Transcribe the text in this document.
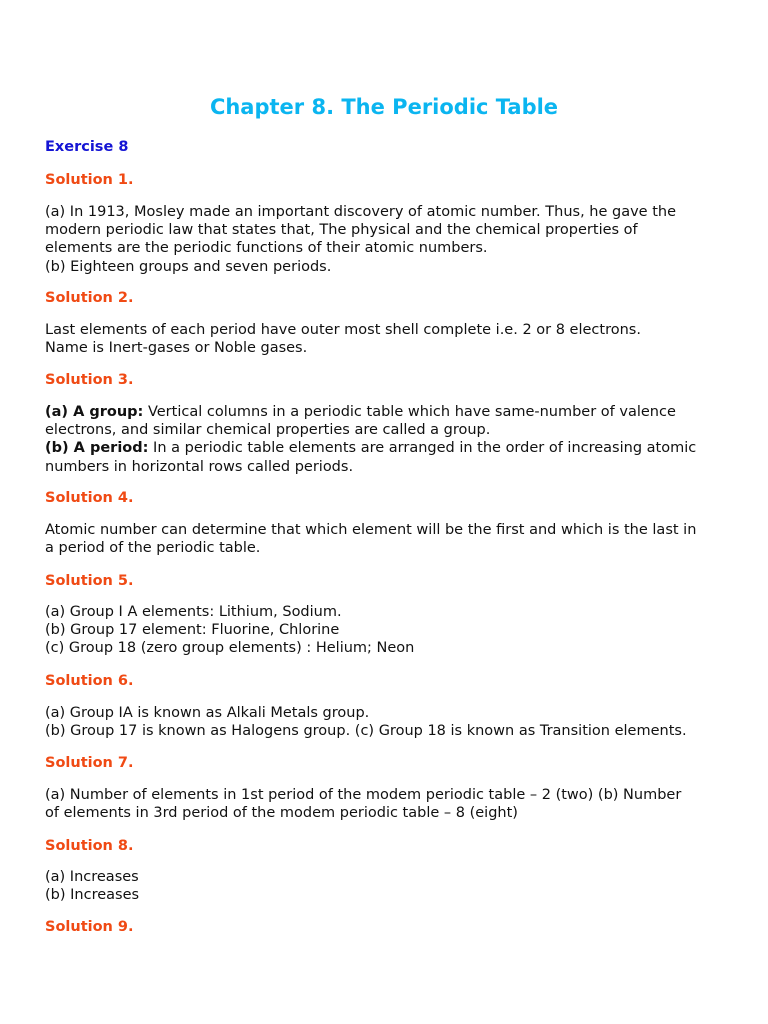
Chapter 8. The Periodic Table
Exercise 8
Solution 1.
(a) In 1913, Mosley made an important discovery of atomic number. Thus, he gave the
modern periodic law that states that, The physical and the chemical properties of
elements are the periodic functions of their atomic numbers.
(b) Eighteen groups and seven periods.
Solution 2.
Last elements of each period have outer most shell complete i.e. 2 or 8 electrons.
Name is Inert-gases or Noble gases.
Solution 3.
(a) A group: Vertical columns in a periodic table which have same-number of valence
electrons, and similar chemical properties are called a group.
(b) A period: In a periodic table elements are arranged in the order of increasing atomic
numbers in horizontal rows called periods.
Solution 4.
Atomic number can determine that which element will be the first and which is the last in
a period of the periodic table.
Solution 5.
(a) Group I A elements: Lithium, Sodium.
(b) Group 17 element: Fluorine, Chlorine
(c) Group 18 (zero group elements) : Helium; Neon
Solution 6.
(a) Group IA is known as Alkali Metals group.
(b) Group 17 is known as Halogens group. (c) Group 18 is known as Transition elements.
Solution 7.
(a) Number of elements in 1st period of the modem periodic table – 2 (two) (b) Number
of elements in 3rd period of the modem periodic table – 8 (eight)
Solution 8.
(a) Increases
(b) Increases
Solution 9.
